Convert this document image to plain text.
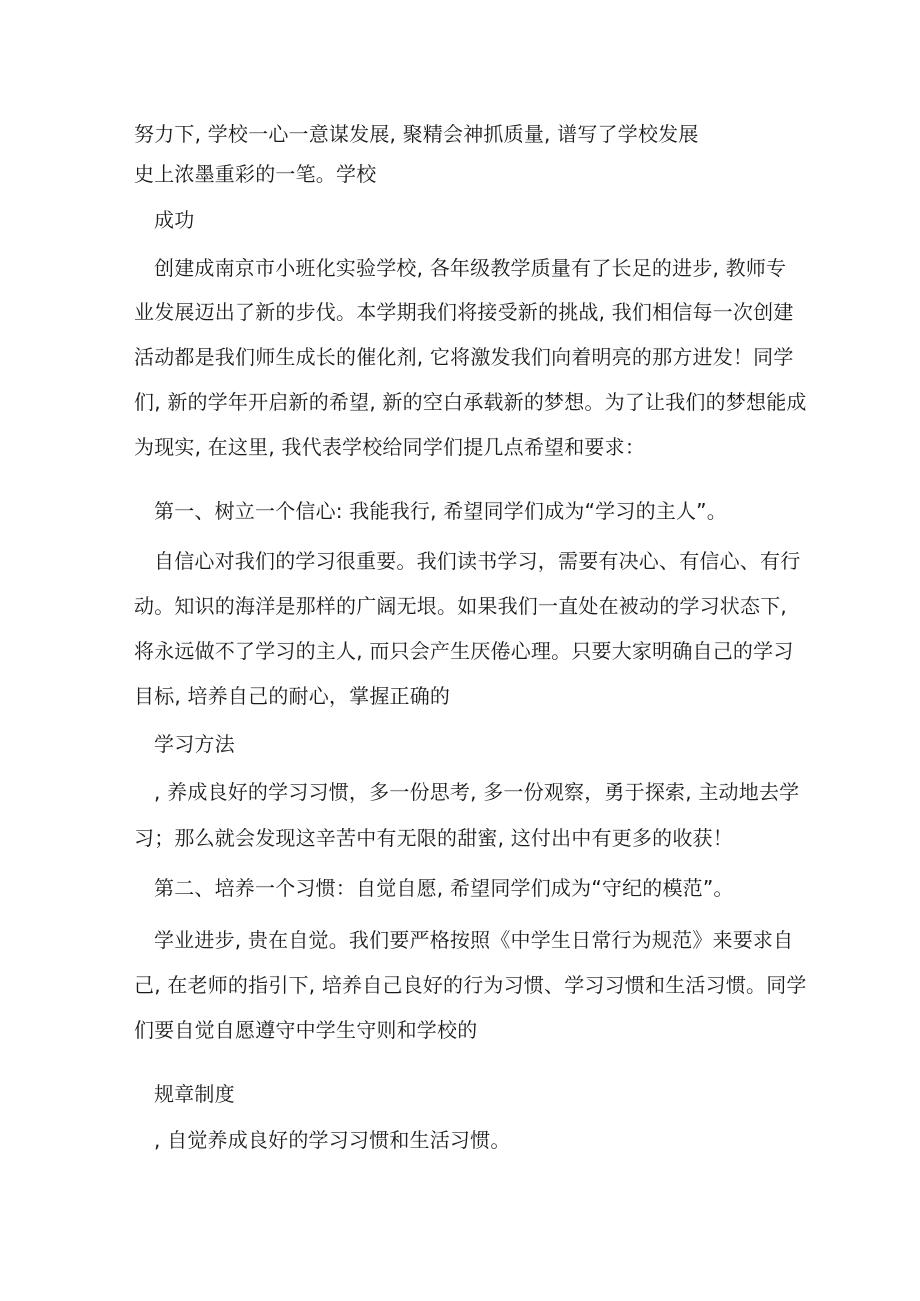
努力下, 学校一心一意谋发展, 聚精会神抓质量, 谱写了学校发展
史上浓墨重彩的一笔。学校
成功
创建成南京市小班化实验学校, 各年级教学质量有了长足的进步, 教师专
业发展迈出了新的步伐。本学期我们将接受新的挑战, 我们相信每一次创建
活动都是我们师生成长的催化剂, 它将激发我们向着明亮的那方进发！同学
们, 新的学年开启新的希望, 新的空白承载新的梦想。为了让我们的梦想能成
为现实, 在这里, 我代表学校给同学们提几点希望和要求：
第一、树立一个信心: 我能我行, 希望同学们成为“学习的主人”。
自信心对我们的学习很重要。我们读书学习，需要有决心、有信心、有行
动。知识的海洋是那样的广阔无垠。如果我们一直处在被动的学习状态下,
将永远做不了学习的主人, 而只会产生厌倦心理。只要大家明确自己的学习
目标, 培养自己的耐心，掌握正确的
学习方法
, 养成良好的学习习惯，多一份思考, 多一份观察，勇于探索, 主动地去学
习；那么就会发现这辛苦中有无限的甜蜜, 这付出中有更多的收获！
第二、培养一个习惯：自觉自愿, 希望同学们成为“守纪的模范”。
学业进步, 贵在自觉。我们要严格按照《中学生日常行为规范》来要求自
己, 在老师的指引下, 培养自己良好的行为习惯、学习习惯和生活习惯。同学
们要自觉自愿遵守中学生守则和学校的
规章制度
, 自觉养成良好的学习习惯和生活习惯。
